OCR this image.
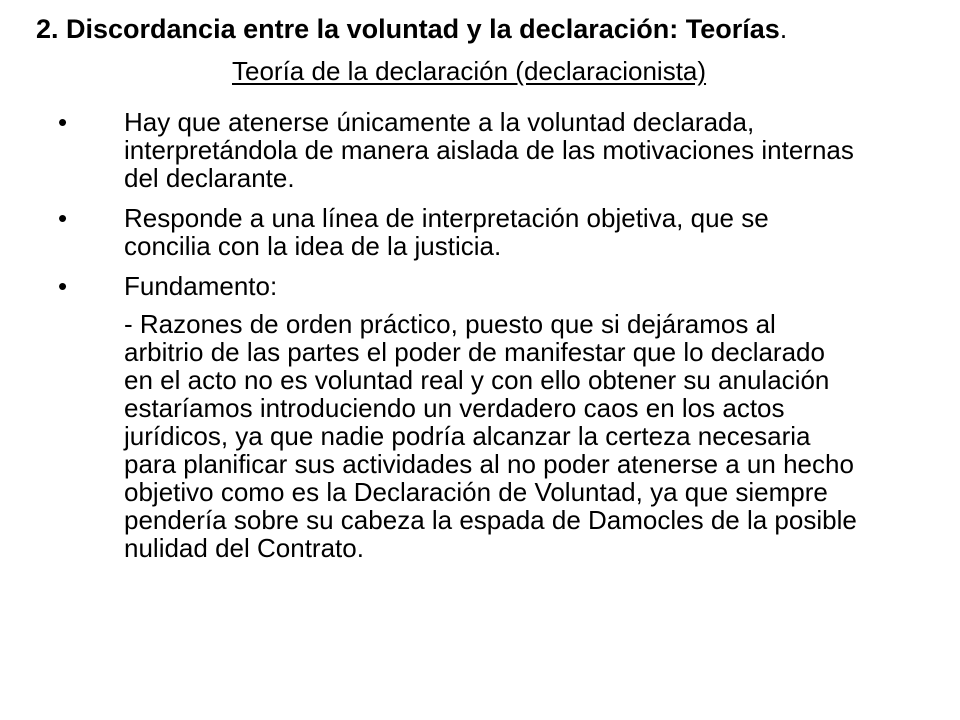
2. Discordancia entre la voluntad y la declaración: Teorías.
Teoría de la declaración (declaracionista)
• Hay que atenerse únicamente a la voluntad declarada, interpretándola de manera aislada de las motivaciones internas del declarante.
• Responde a una línea de interpretación objetiva, que se concilia con la idea de la justicia.
• Fundamento:
- Razones de orden práctico, puesto que si dejáramos al arbitrio de las partes el poder de manifestar que lo declarado en el acto no es voluntad real y con ello obtener su anulación estaríamos introduciendo un verdadero caos en los actos jurídicos, ya que nadie podría alcanzar la certeza necesaria para planificar sus actividades al no poder atenerse a un hecho objetivo como es la Declaración de Voluntad, ya que siempre pendería sobre su cabeza la espada de Damocles de la posible nulidad del Contrato.
